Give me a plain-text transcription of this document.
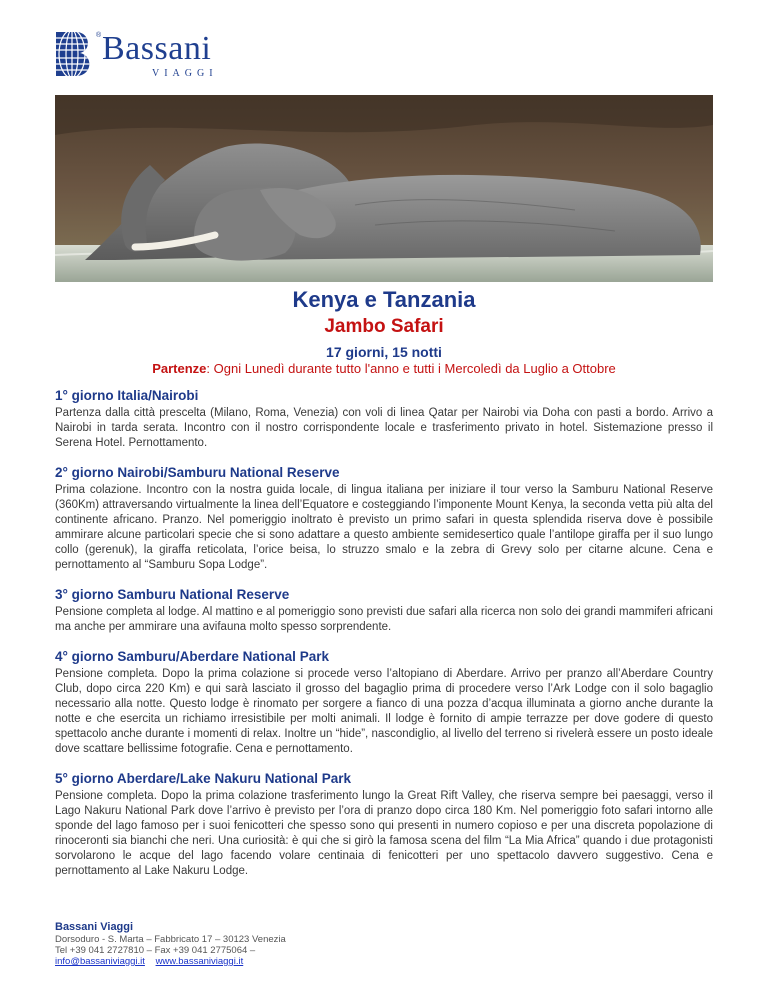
® Bassani
VIAGGI
Kenya e Tanzania
Jambo Safari
17 giorni, 15 notti
Partenze: Ogni Lunedì durante tutto l'anno e tutti i Mercoledì da Luglio a Ottobre
1° giorno Italia/Nairobi

Partenza dalla città prescelta (Milano, Roma, Venezia) con voli di linea Qatar per Nairobi via Doha con pasti a bordo. Arrivo a Nairobi in tarda serata. Incontro con il nostro corrispondente locale e trasferimento privato in hotel. Sistemazione presso il Serena Hotel. Pernottamento.

2° giorno Nairobi/Samburu National Reserve

Prima colazione. Incontro con la nostra guida locale, di lingua italiana per iniziare il tour verso la Samburu National Reserve (360Km) attraversando virtualmente la linea dell’Equatore e costeggiando l’imponente Mount Kenya, la seconda vetta più alta del continente africano. Pranzo. Nel pomeriggio inoltrato è previsto un primo safari in questa splendida riserva dove è possibile ammirare alcune particolari specie che si sono adattare a questo ambiente semidesertico quale l’antilope giraffa per il suo lungo collo (gerenuk), la giraffa reticolata, l’orice beisa, lo struzzo smalo e la zebra di Grevy solo per citarne alcune. Cena e pernottamento al “Samburu Sopa Lodge”.

3° giorno Samburu National Reserve

Pensione completa al lodge. Al mattino e al pomeriggio sono previsti due safari alla ricerca non solo dei grandi mammiferi africani ma anche per ammirare una avifauna molto spesso sorprendente.

4° giorno Samburu/Aberdare National Park

Pensione completa. Dopo la prima colazione si procede verso l’altopiano di Aberdare. Arrivo per pranzo all’Aberdare Country Club, dopo circa 220 Km) e qui sarà lasciato il grosso del bagaglio prima di procedere verso l’Ark Lodge con il solo bagaglio necessario alla notte. Questo lodge è rinomato per sorgere a fianco di una pozza d’acqua illuminata a giorno anche durante la notte e che esercita un richiamo irresistibile per molti animali. Il lodge è fornito di ampie terrazze per dove godere di questo spettacolo anche durante i momenti di relax. Inoltre un “hide”, nascondiglio, al livello del terreno si rivelerà essere un posto ideale dove scattare bellissime fotografie. Cena e pernottamento.

5° giorno Aberdare/Lake Nakuru National Park

Pensione completa. Dopo la prima colazione trasferimento lungo la Great Rift Valley, che riserva sempre bei paesaggi, verso il Lago Nakuru National Park dove l’arrivo è previsto per l’ora di pranzo dopo circa 180 Km. Nel pomeriggio foto safari intorno alle sponde del lago famoso per i suoi fenicotteri che spesso sono qui presenti in numero copioso e per una discreta popolazione di rinoceronti sia bianchi che neri. Una curiosità: è qui che si girò la famosa scena del film “La Mia Africa” quando i due protagonisti sorvolarono le acque del lago facendo volare centinaia di fenicotteri per uno spettacolo davvero suggestivo. Cena e pernottamento al Lake Nakuru Lodge.

Bassani Viaggi
Dorsoduro - S. Marta – Fabbricato 17 – 30123 Venezia
Tel +39 041 2727810 – Fax +39 041 2775064 –
info@bassaniviaggi.it www.bassaniviaggi.it
